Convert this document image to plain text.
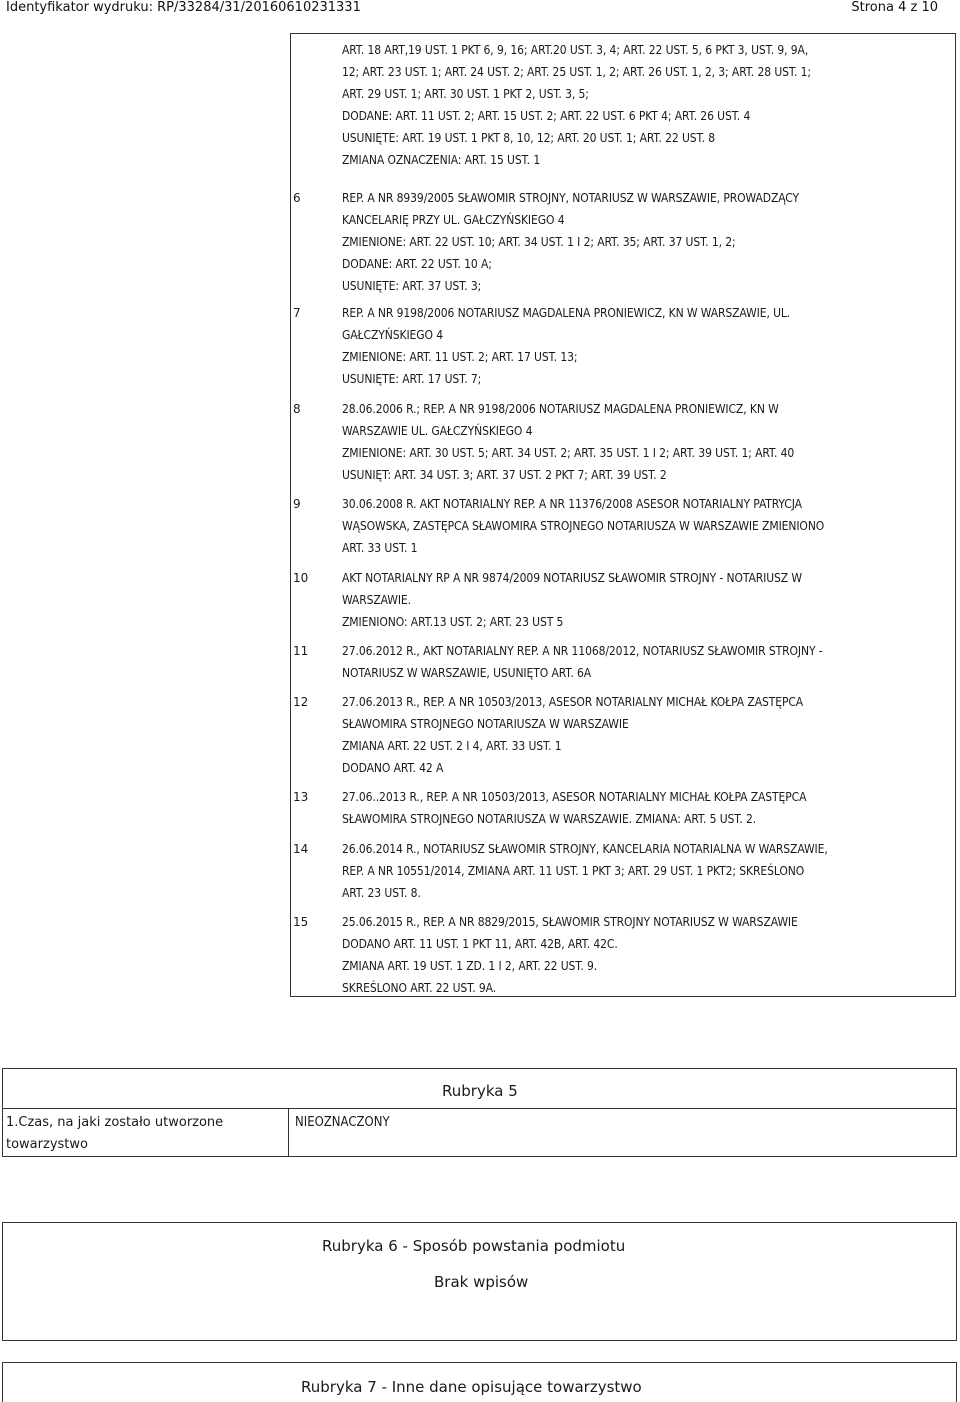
Identyfikator wydruku: RP/33284/31/20160610231331	Strona 4 z 10
ART. 18 ART,19 UST. 1 PKT 6, 9, 16; ART.20 UST. 3, 4; ART. 22 UST. 5, 6 PKT 3, UST. 9, 9A,
12; ART. 23 UST. 1; ART. 24 UST. 2; ART. 25 UST. 1, 2; ART. 26 UST. 1, 2, 3; ART. 28 UST. 1;
ART. 29 UST. 1; ART. 30 UST. 1 PKT 2, UST. 3, 5;
DODANE: ART. 11 UST. 2; ART. 15 UST. 2; ART. 22 UST. 6 PKT 4; ART. 26 UST. 4
USUNIĘTE: ART. 19 UST. 1 PKT 8, 10, 12; ART. 20 UST. 1; ART. 22 UST. 8
ZMIANA OZNACZENIA: ART. 15 UST. 1
6	REP. A NR 8939/2005 SŁAWOMIR STROJNY, NOTARIUSZ W WARSZAWIE, PROWADZĄCY
KANCELARIĘ PRZY UL. GAŁCZYŃSKIEGO 4
ZMIENIONE: ART. 22 UST. 10; ART. 34 UST. 1 I 2; ART. 35; ART. 37 UST. 1, 2;
DODANE: ART. 22 UST. 10 A;
USUNIĘTE: ART. 37 UST. 3;
7	REP. A NR 9198/2006 NOTARIUSZ MAGDALENA PRONIEWICZ, KN W WARSZAWIE, UL.
GAŁCZYŃSKIEGO 4
ZMIENIONE: ART. 11 UST. 2; ART. 17 UST. 13;
USUNIĘTE: ART. 17 UST. 7;
8	28.06.2006 R.; REP. A NR 9198/2006 NOTARIUSZ MAGDALENA PRONIEWICZ, KN W
WARSZAWIE UL. GAŁCZYŃSKIEGO 4
ZMIENIONE: ART. 30 UST. 5; ART. 34 UST. 2; ART. 35 UST. 1 I 2; ART. 39 UST. 1; ART. 40
USUNIĘT: ART. 34 UST. 3; ART. 37 UST. 2 PKT 7; ART. 39 UST. 2
9	30.06.2008 R. AKT NOTARIALNY REP. A NR 11376/2008 ASESOR NOTARIALNY PATRYCJA
WĄSOWSKA, ZASTĘPCA SŁAWOMIRA STROJNEGO NOTARIUSZA W WARSZAWIE ZMIENIONO
ART. 33 UST. 1
10	AKT NOTARIALNY RP A NR 9874/2009 NOTARIUSZ SŁAWOMIR STROJNY - NOTARIUSZ W
WARSZAWIE.
ZMIENIONO: ART.13 UST. 2; ART. 23 UST 5
11	27.06.2012 R., AKT NOTARIALNY REP. A NR 11068/2012, NOTARIUSZ SŁAWOMIR STROJNY -
NOTARIUSZ W WARSZAWIE, USUNIĘTO ART. 6A
12	27.06.2013 R., REP. A NR 10503/2013, ASESOR NOTARIALNY MICHAŁ KOŁPA ZASTĘPCA
SŁAWOMIRA STROJNEGO NOTARIUSZA W WARSZAWIE
ZMIANA ART. 22 UST. 2 I 4, ART. 33 UST. 1
DODANO ART. 42 A
13	27.06..2013 R., REP. A NR 10503/2013, ASESOR NOTARIALNY MICHAŁ KOŁPA ZASTĘPCA
SŁAWOMIRA STROJNEGO NOTARIUSZA W WARSZAWIE. ZMIANA: ART. 5 UST. 2.
14	26.06.2014 R., NOTARIUSZ SŁAWOMIR STROJNY, KANCELARIA NOTARIALNA W WARSZAWIE,
REP. A NR 10551/2014, ZMIANA ART. 11 UST. 1 PKT 3; ART. 29 UST. 1 PKT2; SKREŚLONO
ART. 23 UST. 8.
15	25.06.2015 R., REP. A NR 8829/2015, SŁAWOMIR STROJNY NOTARIUSZ W WARSZAWIE
DODANO ART. 11 UST. 1 PKT 11, ART. 42B, ART. 42C.
ZMIANA ART. 19 UST. 1 ZD. 1 I 2, ART. 22 UST. 9.
SKREŚLONO ART. 22 UST. 9A.
Rubryka 5
1.Czas, na jaki zostało utworzone towarzystwo
NIEOZNACZONY
Rubryka 6 - Sposób powstania podmiotu
Brak wpisów
Rubryka 7 - Inne dane opisujące towarzystwo
